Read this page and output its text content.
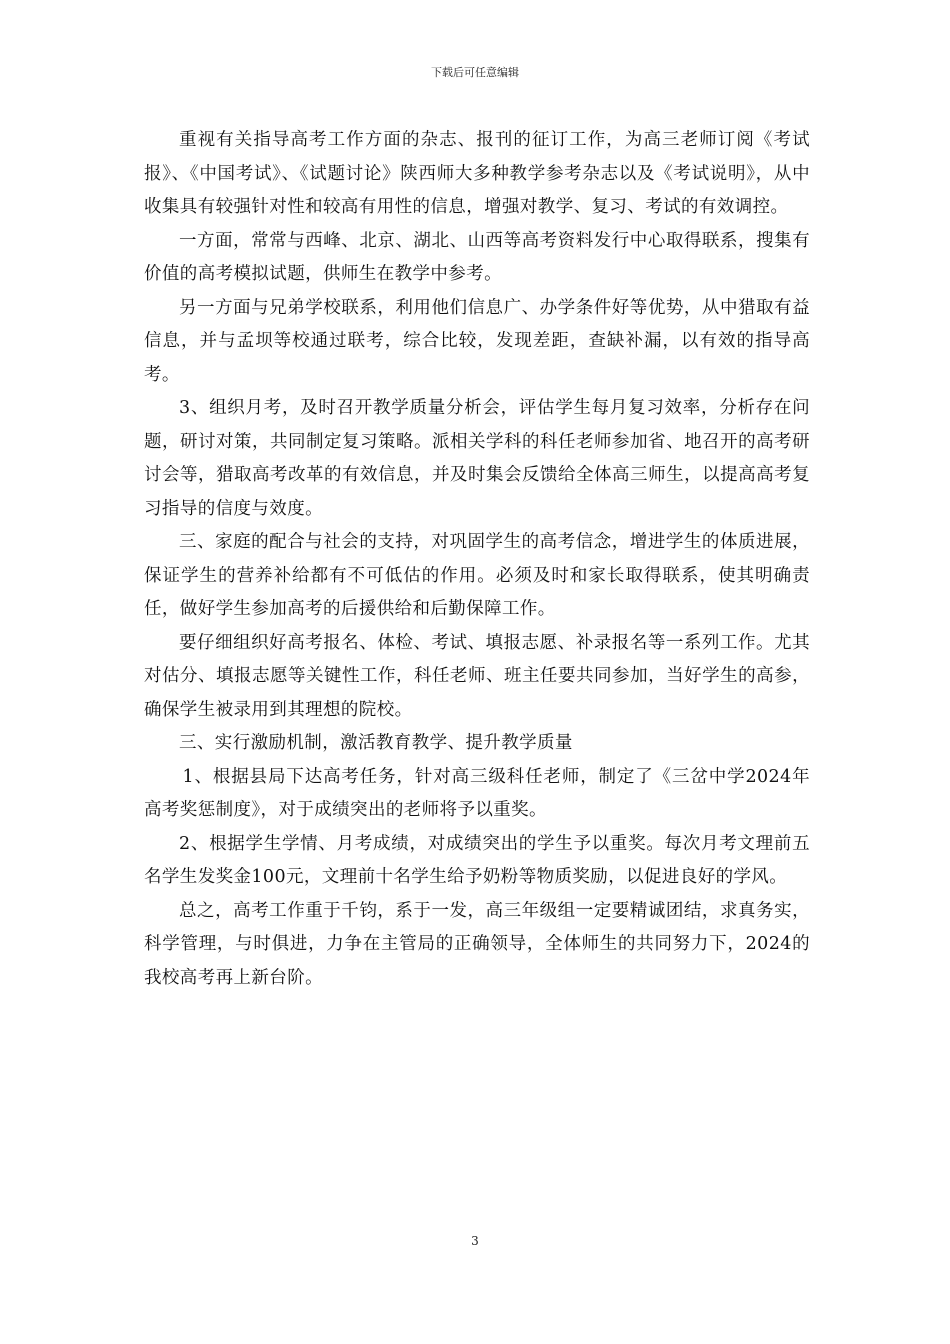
下载后可任意编辑

重视有关指导高考工作方面的杂志、报刊的征订工作，为高三老师订阅《考试报》、《中国考试》、《试题讨论》陕西师大多种教学参考杂志以及《考试说明》，从中收集具有较强针对性和较高有用性的信息，增强对教学、复习、考试的有效调控。

一方面，常常与西峰、北京、湖北、山西等高考资料发行中心取得联系，搜集有价值的高考模拟试题，供师生在教学中参考。

另一方面与兄弟学校联系，利用他们信息广、办学条件好等优势，从中猎取有益信息，并与孟坝等校通过联考，综合比较，发现差距，查缺补漏，以有效的指导高考。

3、组织月考，及时召开教学质量分析会，评估学生每月复习效率，分析存在问题，研讨对策，共同制定复习策略。派相关学科的科任老师参加省、地召开的高考研讨会等，猎取高考改革的有效信息，并及时集会反馈给全体高三师生，以提高高考复习指导的信度与效度。

三、家庭的配合与社会的支持，对巩固学生的高考信念，增进学生的体质进展，保证学生的营养补给都有不可低估的作用。必须及时和家长取得联系，使其明确责任，做好学生参加高考的后援供给和后勤保障工作。

要仔细组织好高考报名、体检、考试、填报志愿、补录报名等一系列工作。尤其对估分、填报志愿等关键性工作，科任老师、班主任要共同参加，当好学生的高参，确保学生被录用到其理想的院校。

三、实行激励机制，激活教育教学、提升教学质量

1、根据县局下达高考任务，针对高三级科任老师，制定了《三岔中学2024年高考奖惩制度》，对于成绩突出的老师将予以重奖。

2、根据学生学情、月考成绩，对成绩突出的学生予以重奖。每次月考文理前五名学生发奖金100元，文理前十名学生给予奶粉等物质奖励，以促进良好的学风。

总之，高考工作重于千钧，系于一发，高三年级组一定要精诚团结，求真务实，科学管理，与时俱进，力争在主管局的正确领导，全体师生的共同努力下，2024的我校高考再上新台阶。

3
